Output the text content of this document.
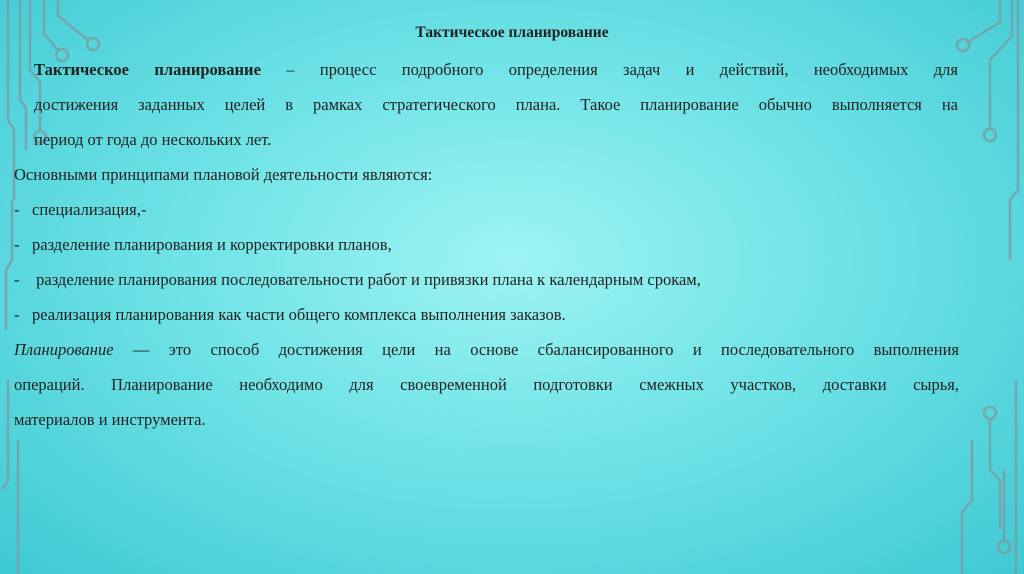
Тактическое планирование
Тактическое планирование – процесс подробного определения задач и действий, необходимых для
достижения заданных целей в рамках стратегического плана. Такое планирование обычно выполняется на
период от года до нескольких лет.
Основными принципами плановой деятельности являются:
- специализация,-
- разделение планирования и корректировки планов,
- разделение планирования последовательности работ и привязки плана к календарным срокам,
- реализация планирования как части общего комплекса выполнения заказов.
Планирование — это способ достижения цели на основе сбалансированного и последовательного выполнения
операций. Планирование необходимо для своевременной подготовки смежных участков, доставки сырья,
материалов и инструмента.
